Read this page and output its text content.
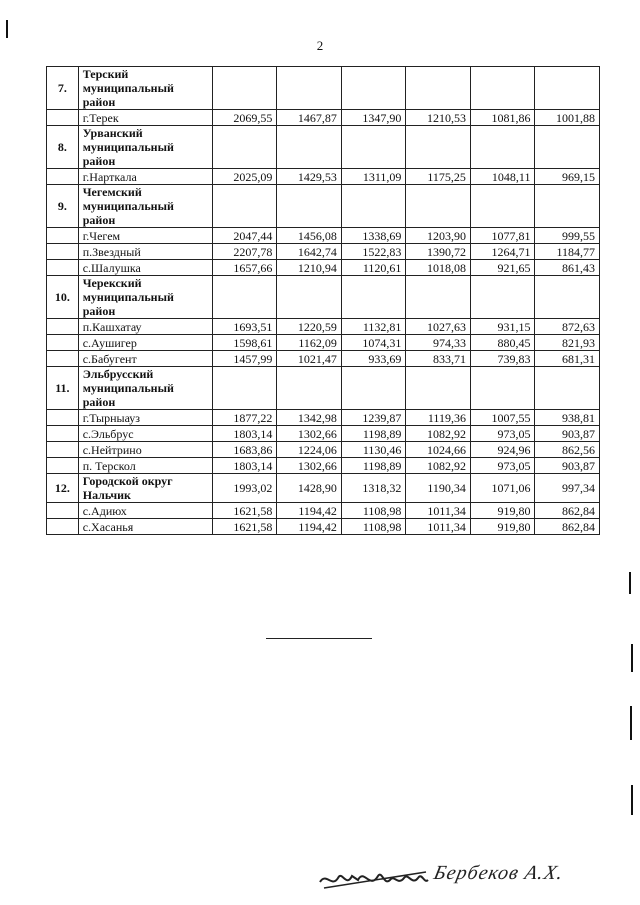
2
7.	Терский
муниципальный
район						
	г.Терек	2069,55	1467,87	1347,90	1210,53	1081,86	1001,88
8.	Урванский
муниципальный
район						
	г.Нарткала	2025,09	1429,53	1311,09	1175,25	1048,11	969,15
9.	Чегемский
муниципальный
район						
	г.Чегем	2047,44	1456,08	1338,69	1203,90	1077,81	999,55
	п.Звездный	2207,78	1642,74	1522,83	1390,72	1264,71	1184,77
	с.Шалушка	1657,66	1210,94	1120,61	1018,08	921,65	861,43
10.	Черекский
муниципальный
район						
	п.Кашхатау	1693,51	1220,59	1132,81	1027,63	931,15	872,63
	с.Аушигер	1598,61	1162,09	1074,31	974,33	880,45	821,93
	с.Бабугент	1457,99	1021,47	933,69	833,71	739,83	681,31
11.	Эльбрусский
муниципальный
район						
	г.Тырныауз	1877,22	1342,98	1239,87	1119,36	1007,55	938,81
	с.Эльбрус	1803,14	1302,66	1198,89	1082,92	973,05	903,87
	с.Нейтрино	1683,86	1224,06	1130,46	1024,66	924,96	862,56
	п. Терскол	1803,14	1302,66	1198,89	1082,92	973,05	903,87
12.	Городской округ
Нальчик	1993,02	1428,90	1318,32	1190,34	1071,06	997,34
	с.Адиюх	1621,58	1194,42	1108,98	1011,34	919,80	862,84
	с.Хасанья	1621,58	1194,42	1108,98	1011,34	919,80	862,84
Бербеков А.Х.
